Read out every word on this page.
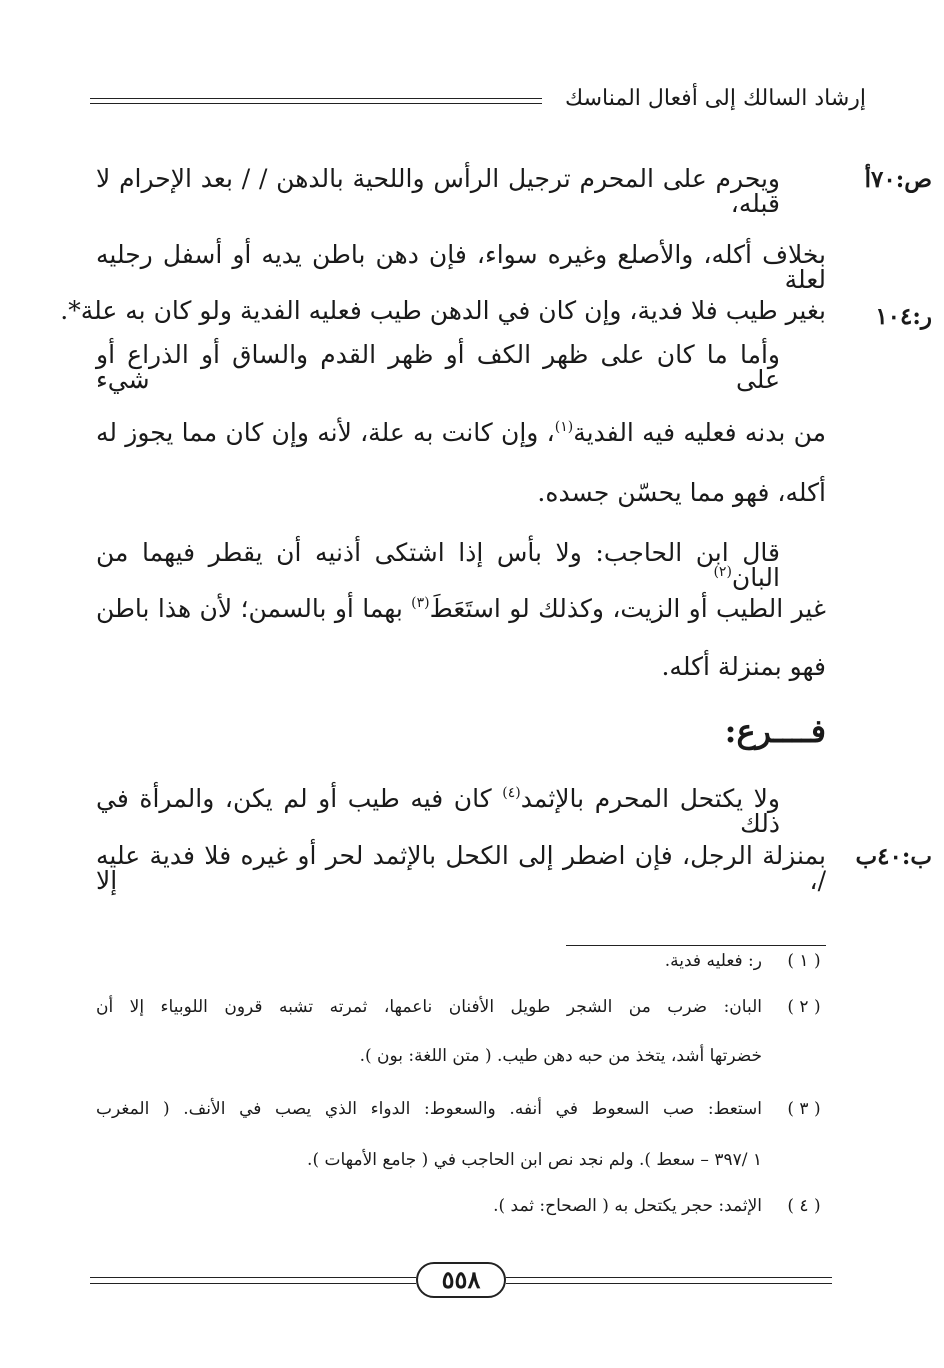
إرشاد السالك إلى أفعال المناسك
ص:٧٠أ
ر:١٠٤
ب:٤٠ب
ويحرم على المحرم ترجيل الرأس واللحية بالدهن / / بعد الإحرام لا قبله،
بخلاف أكله، والأصلع وغيره سواء، فإن دهن باطن يديه أو أسفل رجليه لعلة
بغير طيب فلا فدية، وإن كان في الدهن طيب فعليه الفدية ولو كان به علة*.
وأما ما كان على ظهر الكف أو ظهر القدم والساق أو الذراع أو على شيء
من بدنه فعليه فيه الفدية$^{(١)}$، وإن كانت به علة، لأنه وإن كان مما يجوز له
أكله، فهو مما يحسّن جسده.
قال ابن الحاجب: ولا بأس إذا اشتكى أذنيه أن يقطر فيهما من البان$^{(٢)}$
غير الطيب أو الزيت، وكذلك لو استَعَطَ$^{(٣)}$ بهما أو بالسمن؛ لأن هذا باطن
فهو بمنزلة أكله.
فــــرع:
ولا يكتحل المحرم بالإثمد$^{(٤)}$ كان فيه طيب أو لم يكن، والمرأة في ذلك
بمنزلة الرجل، فإن اضطر إلى الكحل بالإثمد لحر أو غيره فلا فدية عليه /، إلا
( ١ )
ر: فعليه فدية.
( ٢ )
البان: ضرب من الشجر طويل الأفنان ناعمها، ثمرته تشبه قرون اللوبياء إلا أن
خضرتها أشد، يتخذ من حبه دهن طيب. ( متن اللغة: بون ).
( ٣ )
استعط: صب السعوط في أنفه. والسعوط: الدواء الذي يصب في الأنف. ( المغرب
١ /٣٩٧ – سعط ). ولم نجد نص ابن الحاجب في ( جامع الأمهات ).
( ٤ )
الإثمد: حجر يكتحل به ( الصحاح: ثمد ).
٥٥٨
